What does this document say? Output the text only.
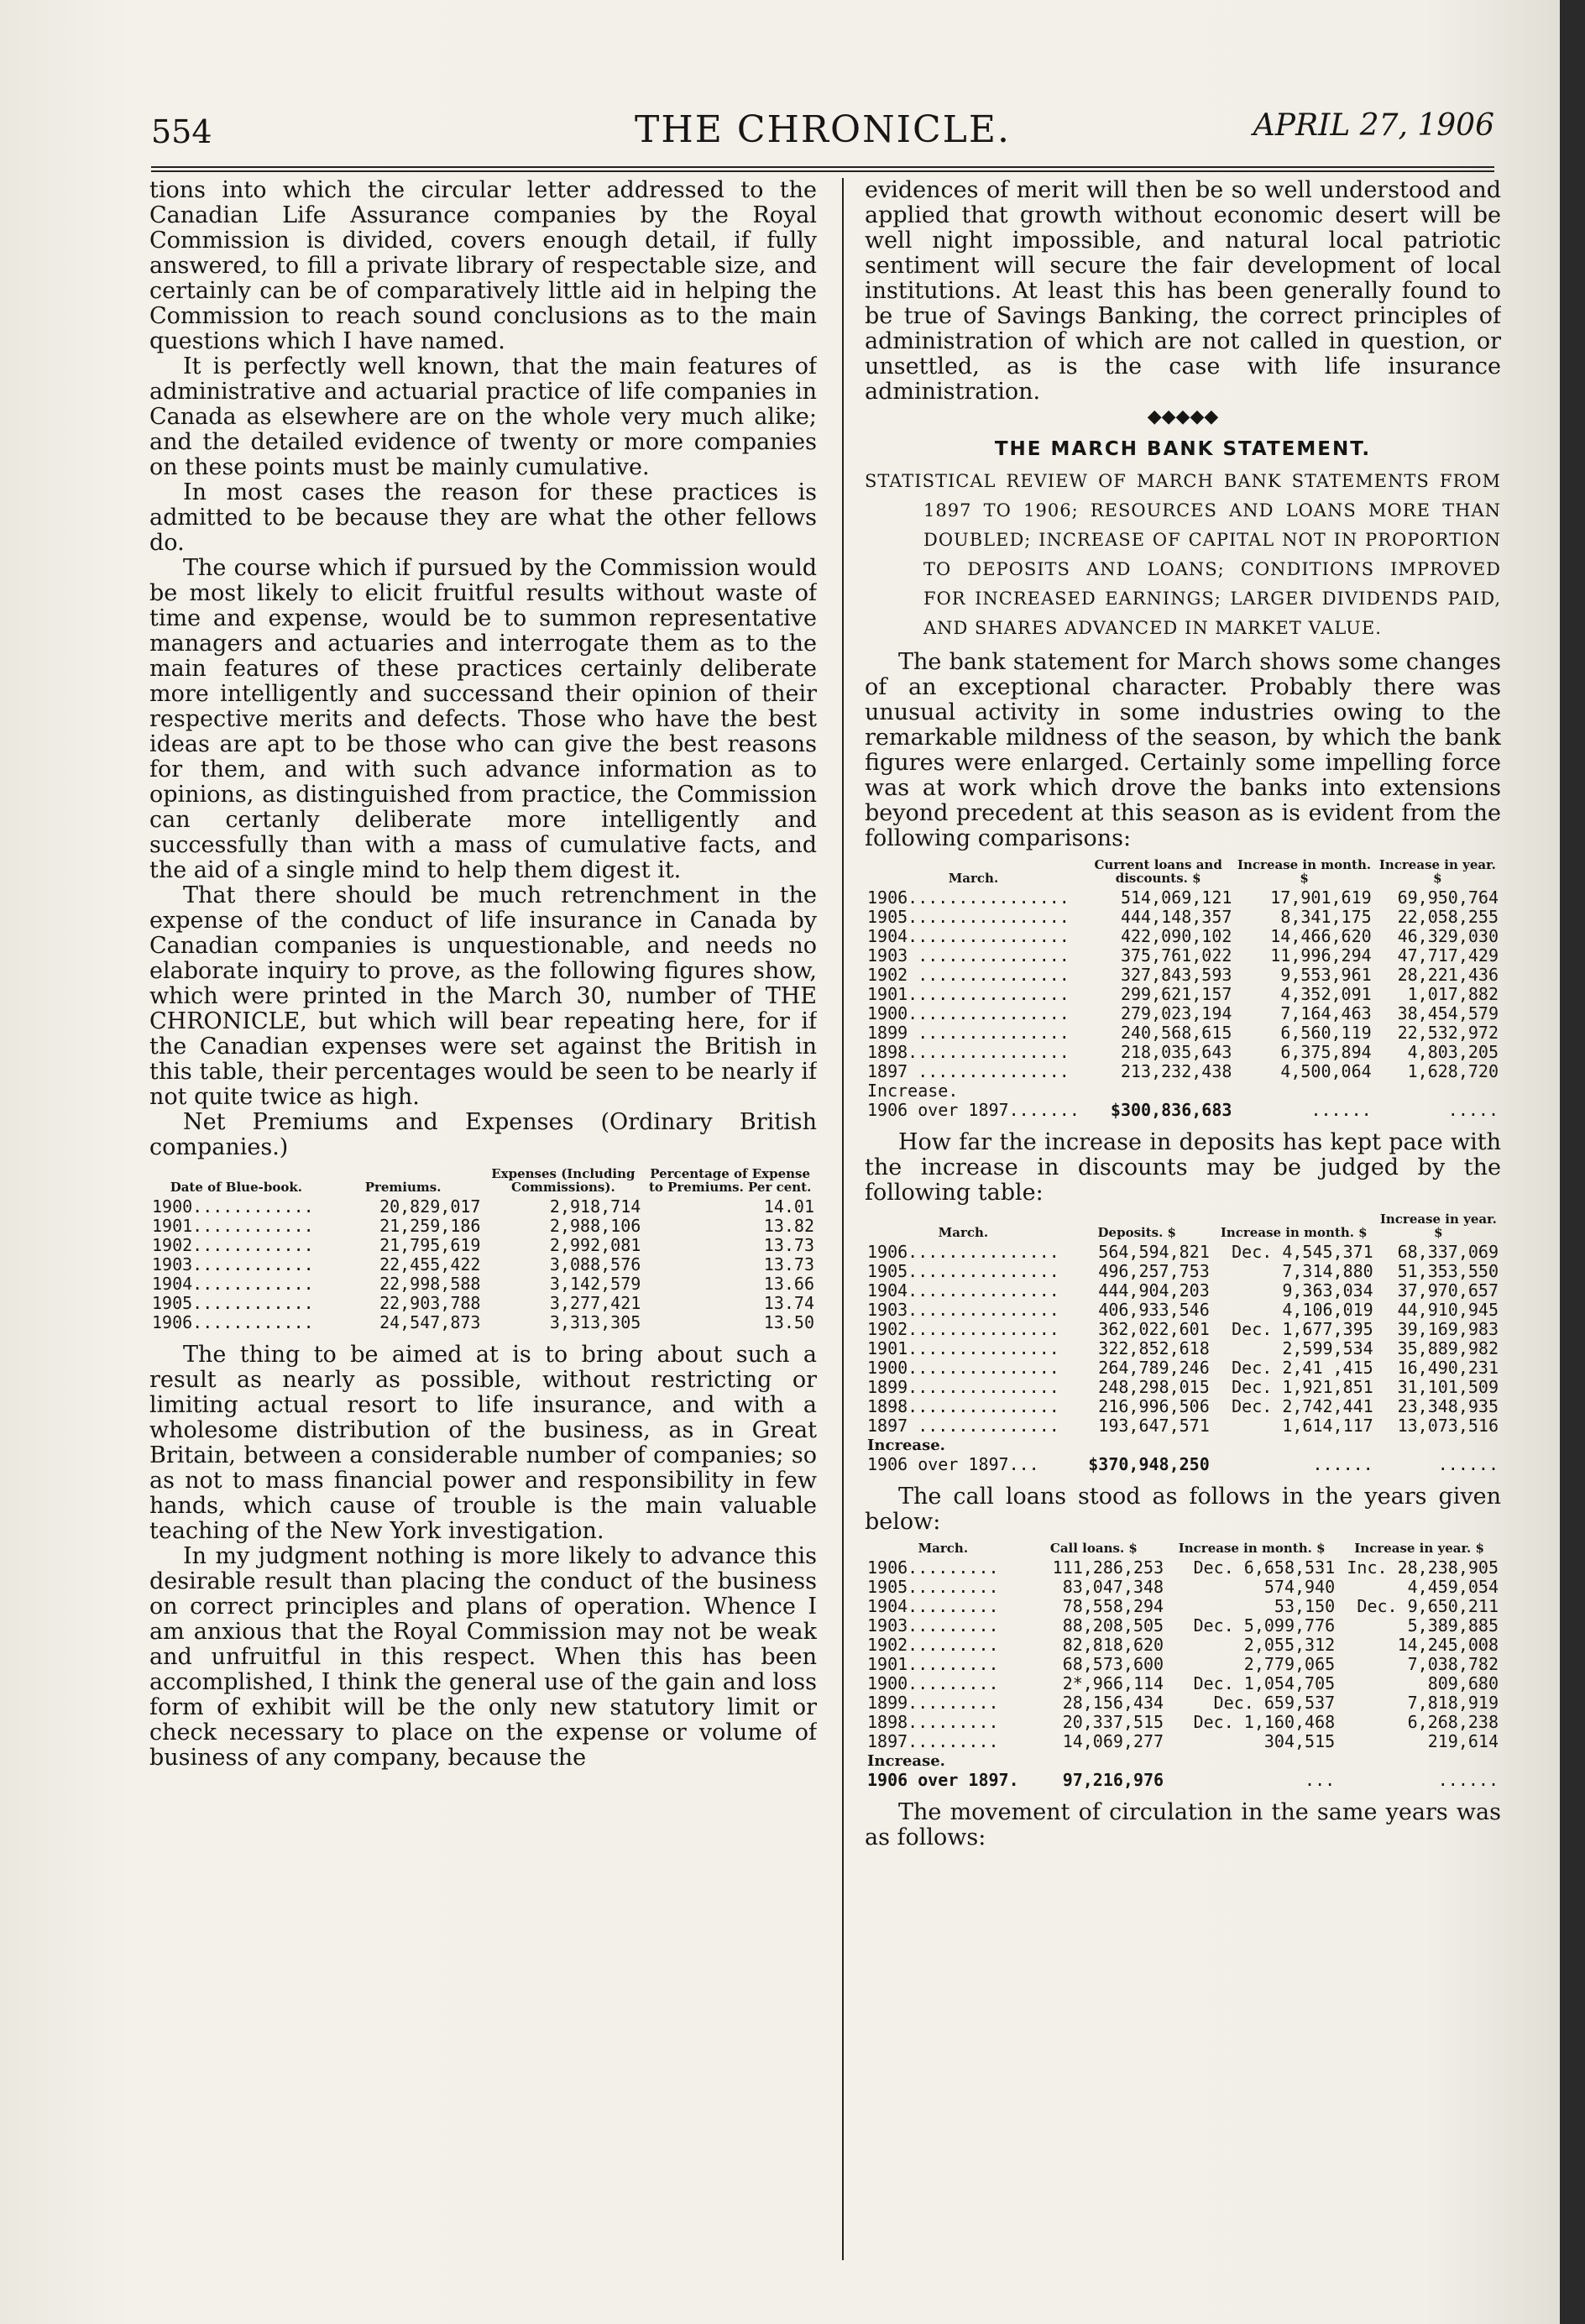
554	THE CHRONICLE.	APRIL 27, 1906

tions into which the circular letter addressed to the Canadian Life Assurance companies by the Royal Commission is divided, covers enough detail, if fully answered, to fill a private library of respectable size, and certainly can be of comparatively little aid in helping the Commission to reach sound conclusions as to the main questions which I have named.

It is perfectly well known, that the main features of administrative and actuarial practice of life companies in Canada as elsewhere are on the whole very much alike; and the detailed evidence of twenty or more companies on these points must be mainly cumulative.

In most cases the reason for these practices is admitted to be because they are what the other fellows do.

The course which if pursued by the Commission would be most likely to elicit fruitful results without waste of time and expense, would be to summon representative managers and actuaries and interrogate them as to the main features of these practices certainly deliberate more intelligently and successand their opinion of their respective merits and defects. Those who have the best ideas are apt to be those who can give the best reasons for them, and with such advance information as to opinions, as distinguished from practice, the Commission can certanly deliberate more intelligently and successfully than with a mass of cumulative facts, and the aid of a single mind to help them digest it.

That there should be much retrenchment in the expense of the conduct of life insurance in Canada by Canadian companies is unquestionable, and needs no elaborate inquiry to prove, as the following figures show, which were printed in the March 30, number of THE CHRONICLE, but which will bear repeating here, for if the Canadian expenses were set against the British in this table, their percentages would be seen to be nearly if not quite twice as high.

Net Premiums and Expenses (Ordinary British companies.)

Date of Blue-book.	Premiums.	Expenses (Including Commissions).	Percentage of Expense to Premiums. Per cent.
1900............	20,829,017	2,918,714	14.01
1901............	21,259,186	2,988,106	13.82
1902............	21,795,619	2,992,081	13.73
1903............	22,455,422	3,088,576	13.73
1904............	22,998,588	3,142,579	13.66
1905............	22,903,788	3,277,421	13.74
1906............	24,547,873	3,313,305	13.50

The thing to be aimed at is to bring about such a result as nearly as possible, without restricting or limiting actual resort to life insurance, and with a wholesome distribution of the business, as in Great Britain, between a considerable number of companies; so as not to mass financial power and responsibility in few hands, which cause of trouble is the main valuable teaching of the New York investigation.

In my judgment nothing is more likely to advance this desirable result than placing the conduct of the business on correct principles and plans of operation. Whence I am anxious that the Royal Commission may not be weak and unfruitful in this respect. When this has been accomplished, I think the general use of the gain and loss form of exhibit will be the only new statutory limit or check necessary to place on the expense or volume of business of any company, because the

evidences of merit will then be so well understood and applied that growth without economic desert will be well night impossible, and natural local patriotic sentiment will secure the fair development of local institutions. At least this has been generally found to be true of Savings Banking, the correct principles of administration of which are not called in question, or unsettled, as is the case with life insurance administration.

◆◆◆◆◆
THE MARCH BANK STATEMENT.

STATISTICAL REVIEW OF MARCH BANK STATEMENTS FROM 1897 TO 1906; RESOURCES AND LOANS MORE THAN DOUBLED; INCREASE OF CAPITAL NOT IN PROPORTION TO DEPOSITS AND LOANS; CONDITIONS IMPROVED FOR INCREASED EARNINGS; LARGER DIVIDENDS PAID, AND SHARES ADVANCED IN MARKET VALUE.

The bank statement for March shows some changes of an exceptional character. Probably there was unusual activity in some industries owing to the remarkable mildness of the season, by which the bank figures were enlarged. Certainly some impelling force was at work which drove the banks into extensions beyond precedent at this season as is evident from the following comparisons:

March.	Current loans and discounts. $	Increase in month. $	Increase in year. $
1906................	514,069,121	17,901,619	69,950,764
1905................	444,148,357	8,341,175	22,058,255
1904................	422,090,102	14,466,620	46,329,030
1903 ...............	375,761,022	11,996,294	47,717,429
1902 ...............	327,843,593	9,553,961	28,221,436
1901................	299,621,157	4,352,091	1,017,882
1900................	279,023,194	7,164,463	38,454,579
1899 ...............	240,568,615	6,560,119	22,532,972
1898................	218,035,643	6,375,894	4,803,205
1897 ...............	213,232,438	4,500,064	1,628,720
Increase.			
1906 over 1897.......	$300,836,683	......	.....

How far the increase in deposits has kept pace with the increase in discounts may be judged by the following table:

March.	Deposits. $	Increase in month. $	Increase in year. $
1906...............	564,594,821	Dec. 4,545,371	68,337,069
1905...............	496,257,753	7,314,880	51,353,550
1904...............	444,904,203	9,363,034	37,970,657
1903...............	406,933,546	4,106,019	44,910,945
1902...............	362,022,601	Dec. 1,677,395	39,169,983
1901...............	322,852,618	2,599,534	35,889,982
1900...............	264,789,246	Dec. 2,41 ,415	16,490,231
1899...............	248,298,015	Dec. 1,921,851	31,101,509
1898...............	216,996,506	Dec. 2,742,441	23,348,935
1897 ..............	193,647,571	1,614,117	13,073,516
Increase.			
1906 over 1897...	$370,948,250	......	......

The call loans stood as follows in the years given below:

March.	Call loans. $	Increase in month. $	Increase in year. $
1906.........	111,286,253	Dec. 6,658,531	Inc. 28,238,905
1905.........	83,047,348	574,940	4,459,054
1904.........	78,558,294	53,150	Dec. 9,650,211
1903.........	88,208,505	Dec. 5,099,776	5,389,885
1902.........	82,818,620	2,055,312	14,245,008
1901.........	68,573,600	2,779,065	7,038,782
1900.........	2*,966,114	Dec. 1,054,705	809,680
1899.........	28,156,434	Dec. 659,537	7,818,919
1898.........	20,337,515	Dec. 1,160,468	6,268,238
1897.........	14,069,277	304,515	219,614
Increase.			
1906 over 1897.	97,216,976	...	......

The movement of circulation in the same years was as follows:
